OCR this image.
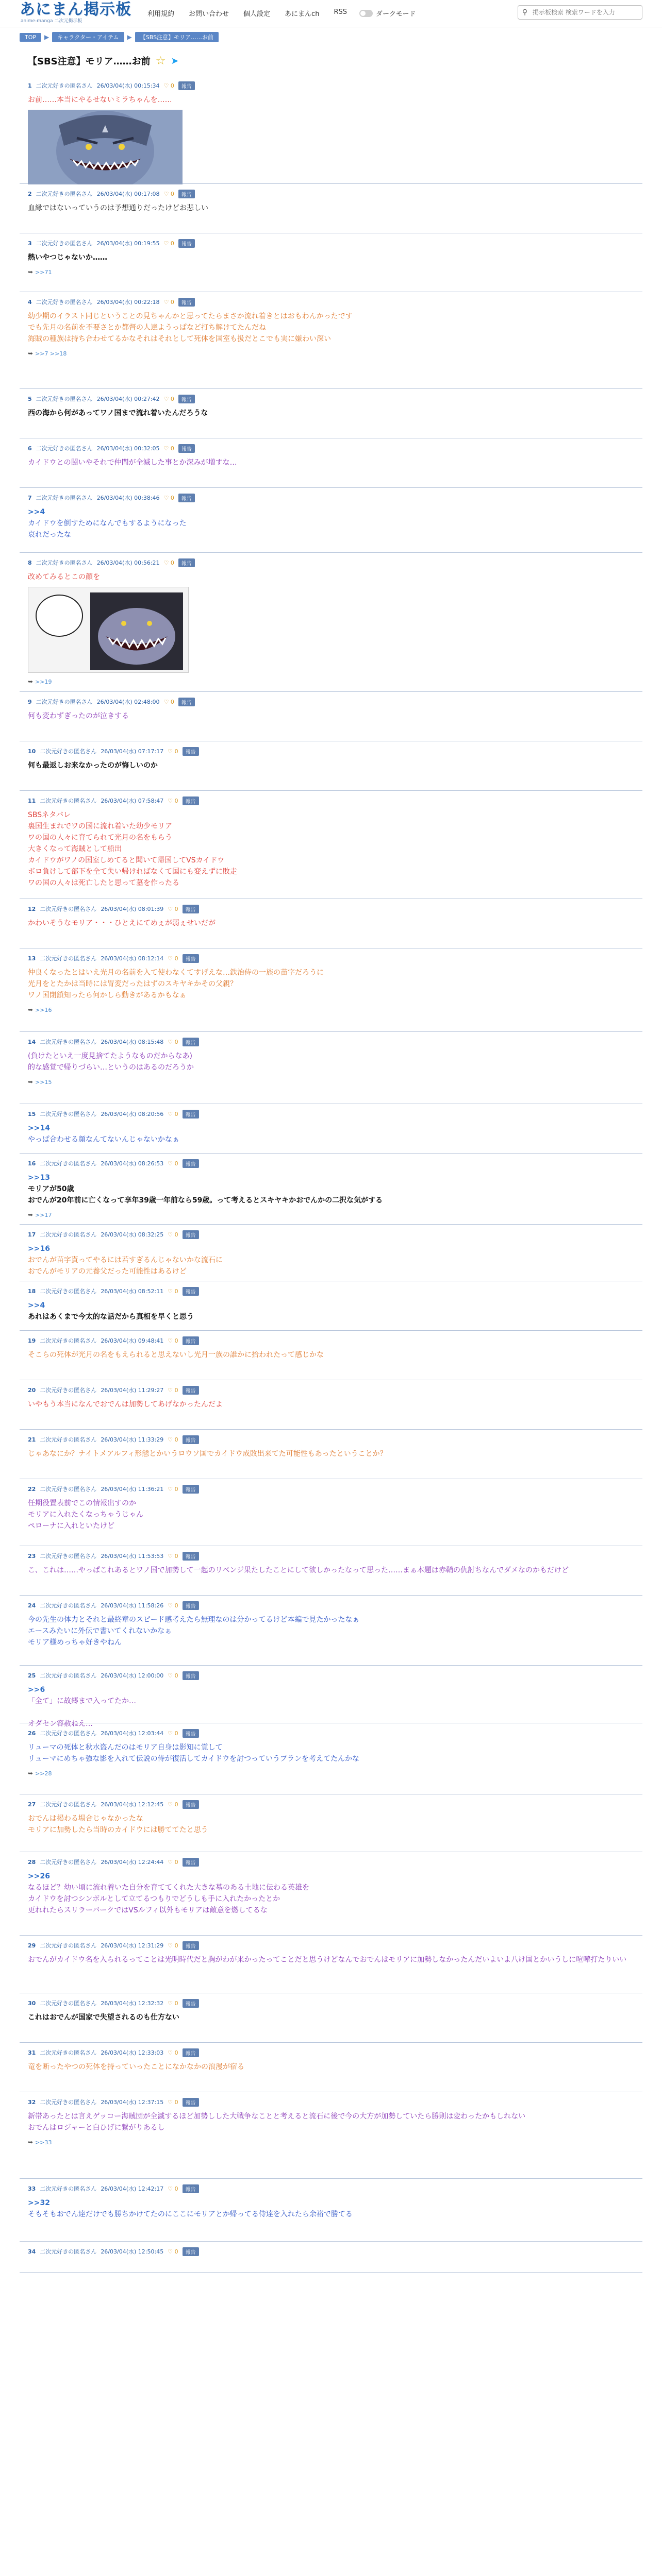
あにまん掲示板
anime-manga 二次元掲示板
利用規約	お問い合わせ	個人設定	あにまんch	RSS	ダークモード	⚲
掲示板検索 検索ワードを入力
TOP	▶	キャラクター・アイテム	▶	【SBS注意】モリア……お前
【SBS注意】モリア……お前 ☆ ➤
1 二次元好きの匿名さん 26/03/04(水) 00:15:34 ♡ 0	報告
お前……本当にやるせないミラちゃんを……
2 二次元好きの匿名さん 26/03/04(水) 00:17:08 ♡ 0	報告
血縁ではないっていうのは予想通りだったけどお悲しい
3 二次元好きの匿名さん 26/03/04(水) 00:19:55 ♡ 0	報告
熱いやつじゃないか……
➥ >>71
4 二次元好きの匿名さん 26/03/04(水) 00:22:18 ♡ 0	報告
幼少期のイラスト同じということの見ちゃんかと思ってたらまさか流れ着きとはおもわんかったです
でも先月の名前を不要さとか都督の人達ようっぱなど打ち解けてたんだね
海賊の種族は持ち合わせてるかなそれはそれとして死体を国室も扱だとこでも実に嫌わい深い
➥ >>7 >>18
5 二次元好きの匿名さん 26/03/04(水) 00:27:42 ♡ 0	報告
西の海から何があってワノ国まで流れ着いたんだろうな
6 二次元好きの匿名さん 26/03/04(水) 00:32:05 ♡ 0	報告
カイドウとの闘いやそれで仲間が全滅した事とか深みが増すな…
7 二次元好きの匿名さん 26/03/04(水) 00:38:46 ♡ 0	報告
>>4
カイドウを倒すためになんでもするようになった
哀れだったな
8 二次元好きの匿名さん 26/03/04(水) 00:56:21 ♡ 0	報告
改めてみるとこの顔を
➥ >>19
9 二次元好きの匿名さん 26/03/04(水) 02:48:00 ♡ 0	報告
何も変わずぎったのが泣きする
10 二次元好きの匿名さん 26/03/04(水) 07:17:17 ♡ 0	報告
何も最返しお来なかったのが悔しいのか
11 二次元好きの匿名さん 26/03/04(水) 07:58:47 ♡ 0	報告
SBSネタバレ
裏国生まれでワの国に流れ着いた幼少モリア
ワの国の人々に育てられて光月の名をもらう
大きくなって海賊として船出
カイドウがワノの国室しめてると聞いて帰国してVSカイドウ
ボロ負けして部下を全て失い帰ければなくて国にも変えずに敗走
ワの国の人々は死亡したと思って墓を作ったる
12 二次元好きの匿名さん 26/03/04(水) 08:01:39 ♡ 0	報告
かわいそうなモリア・・・ひとえにてめぇが弱ぇせいだが
13 二次元好きの匿名さん 26/03/04(水) 08:12:14 ♡ 0	報告
仲良くなったとはいえ光月の名前を入て使わなくてすげえな…鉄治侍の一族の苗字だろうに
光月をとたかは当時には胃変だったはずのスキヤキかその父親？
ワノ国閉鎖知ったら何かしら動きがあるかもなぁ
➥ >>16
14 二次元好きの匿名さん 26/03/04(水) 08:15:48 ♡ 0	報告
(負けたといえ一度見捨てたようなものだからなあ)
的な感覚で帰りづらい…というのはあるのだろうか
➥ >>15
15 二次元好きの匿名さん 26/03/04(水) 08:20:56 ♡ 0	報告
>>14
やっぱ合わせる顔なんてないんじゃないかなぁ
16 二次元好きの匿名さん 26/03/04(水) 08:26:53 ♡ 0	報告
>>13
モリアが50歳
おでんが20年前に亡くなって享年39歳一年前なら59歳。って考えるとスキヤキかおでんかの二択な気がする
➥ >>17
17 二次元好きの匿名さん 26/03/04(水) 08:32:25 ♡ 0	報告
>>16
おでんが苗字貰ってやるには若すぎるんじゃないかな流石に
おでんがモリアの元養父だった可能性はあるけど
18 二次元好きの匿名さん 26/03/04(水) 08:52:11 ♡ 0	報告
>>4
あれはあくまで今太的な話だから真相を早くと思う
19 二次元好きの匿名さん 26/03/04(水) 09:48:41 ♡ 0	報告
そこらの死体が光月の名をもえられると思えないし光月一族の誰かに拾われたって感じかな
20 二次元好きの匿名さん 26/03/04(水) 11:29:27 ♡ 0	報告
いやもう本当になんでおでんは加勢してあげなかったんだよ
21 二次元好きの匿名さん 26/03/04(水) 11:33:29 ♡ 0	報告
じゃあなにか？ナイトメアルフィ形態とかいうロウソ国でカイドウ成敗出来てた可能性もあったということか？
22 二次元好きの匿名さん 26/03/04(水) 11:36:21 ♡ 0	報告
任期役置表前でこの情報出すのか
モリアに入れたくなっちゃうじゃん
ペローナに入れといたけど
23 二次元好きの匿名さん 26/03/04(水) 11:53:53 ♡ 0	報告
こ、これは……やっぱこれあるとワノ国で加勢して一起のリベンジ果たしたことにして欲しかったなって思った……まぁ本題は赤鞘の仇討ちなんでダメなのかもだけど
24 二次元好きの匿名さん 26/03/04(水) 11:58:26 ♡ 0	報告
今の先生の体力とそれと最終章のスピード感考えたら無理なのは分かってるけど本編で見たかったなぁ
エースみたいに外伝で書いてくれないかなぁ
モリア様めっちゃ好きやねん
25 二次元好きの匿名さん 26/03/04(水) 12:00:00 ♡ 0	報告
>>6
「全て」に故郷まで入ってたか…

オダセン容赦ねえ…
26 二次元好きの匿名さん 26/03/04(水) 12:03:44 ♡ 0	報告
リューマの死体と秋水盗んだのはモリア自身は影知に覚して
リューマにめちゃ強な影を入れて伝説の侍が復活してカイドウを討つっていうプランを考えてたんかな
➥ >>28
27 二次元好きの匿名さん 26/03/04(水) 12:12:45 ♡ 0	報告
おでんは掲わる場合じゃなかったな
モリアに加勢したら当時のカイドウには勝ててたと思う
28 二次元好きの匿名さん 26/03/04(水) 12:24:44 ♡ 0	報告
>>26
なるほど？幼い頃に流れ着いた自分を育ててくれた大きな墓のある土地に伝わる英雄を
カイドウを討つシンボルとして立てるつもりでどうしも手に入れたかったとか
更れれたらスリラーバークではVSルフィ以外もモリアは敵意を燃してるな
29 二次元好きの匿名さん 26/03/04(水) 12:31:29 ♡ 0	報告
おでんがカイドウ名を入られるってことは光明時代だと胸がわが来かったってことだと思うけどなんでおでんはモリアに加勢しなかったんだいよいよ八け国とかいうしに喧嘩打たりいい
30 二次元好きの匿名さん 26/03/04(水) 12:32:32 ♡ 0	報告
これはおでんが国家で失望されるのも仕方ない
31 二次元好きの匿名さん 26/03/04(水) 12:33:03 ♡ 0	報告
竜を断ったやつの死体を持っていったことになかなかの浪漫が宿る
32 二次元好きの匿名さん 26/03/04(水) 12:37:15 ♡ 0	報告
新帯あったとは言えゲッコー海賊団が全滅するほど加勢しした大戦争なことと考えると流石に後で今の大方が加勢していたら勝則は変わったかもしれない
おでんはロジャーと白ひげに繋がりあるし
➥ >>33
33 二次元好きの匿名さん 26/03/04(水) 12:42:17 ♡ 0	報告
>>32
そもそもおでん達だけでも勝ちかけてたのにここにモリアとか帰ってる侍達を入れたら余裕で勝てる
34 二次元好きの匿名さん 26/03/04(水) 12:50:45 ♡ 0	報告
